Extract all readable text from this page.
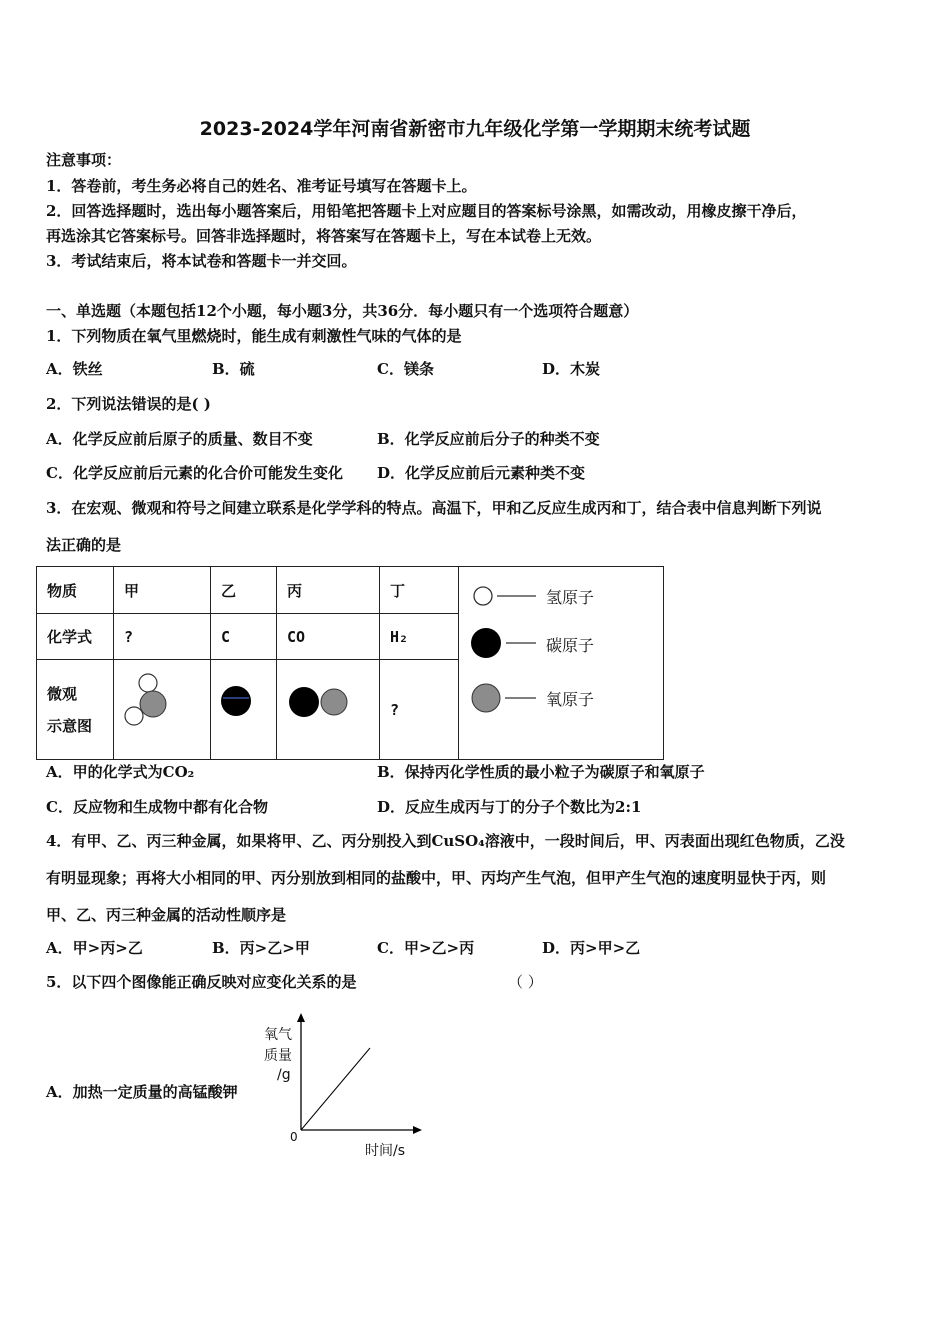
2023-2024学年河南省新密市九年级化学第一学期期末统考试题
注意事项：
1．答卷前，考生务必将自己的姓名、准考证号填写在答题卡上。
2．回答选择题时，选出每小题答案后，用铅笔把答题卡上对应题目的答案标号涂黑，如需改动，用橡皮擦干净后，
再选涂其它答案标号。回答非选择题时，将答案写在答题卡上，写在本试卷上无效。
3．考试结束后，将本试卷和答题卡一并交回。
一、单选题（本题包括12个小题，每小题3分，共36分．每小题只有一个选项符合题意）
1．下列物质在氧气里燃烧时，能生成有刺激性气味的气体的是
A．铁丝	B．硫	C．镁条	D．木炭
2．下列说法错误的是( )
A．化学反应前后原子的质量、数目不变	B．化学反应前后分子的种类不变
C．化学反应前后元素的化合价可能发生变化 D．化学反应前后元素种类不变
3．在宏观、微观和符号之间建立联系是化学学科的特点。高温下，甲和乙反应生成丙和丁，结合表中信息判断下列说
法正确的是
物质	甲	乙	丙	丁	氢原子
碳原子
氧原子

化学式	?	C	CO	H₂	

微观
示意图				?	
A．甲的化学式为CO₂	B．保持丙化学性质的最小粒子为碳原子和氧原子
C．反应物和生成物中都有化合物	D．反应生成丙与丁的分子个数比为2:1
4．有甲、乙、丙三种金属，如果将甲、乙、丙分别投入到CuSO₄溶液中，一段时间后，甲、丙表面出现红色物质，乙没
有明显现象；再将大小相同的甲、丙分别放到相同的盐酸中，甲、丙均产生气泡，但甲产生气泡的速度明显快于丙，则
甲、乙、丙三种金属的活动性顺序是
A．甲>丙>乙	B．丙>乙>甲	C．甲>乙>丙	D．丙>甲>乙
5．以下四个图像能正确反映对应变化关系的是	（ ）
A．加热一定质量的高锰酸钾
氧气
质量
/g
0
时间/s
